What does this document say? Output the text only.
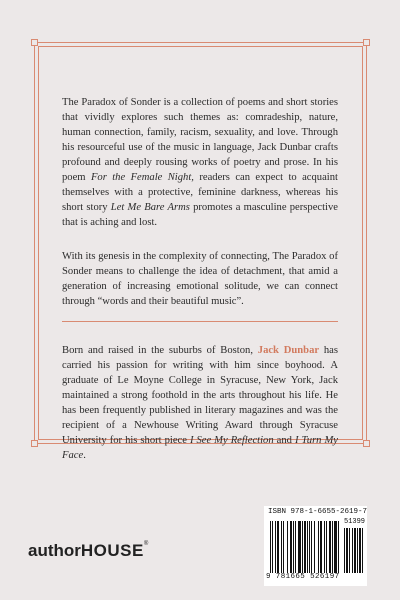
The Paradox of Sonder is a collection of poems and short stories that vividly explores such themes as: comradeship, nature, human connection, family, racism, sexuality, and love. Through his resourceful use of the music in language, Jack Dunbar crafts profound and deeply rousing works of poetry and prose. In his poem For the Female Night, readers can expect to acquaint themselves with a protective, feminine darkness, whereas his short story Let Me Bare Arms promotes a masculine perspective that is aching and lost.
With its genesis in the complexity of connecting, The Paradox of Sonder means to challenge the idea of detachment, that amid a generation of increasing emotional solitude, we can connect through “words and their beautiful music”.
Born and raised in the suburbs of Boston, Jack Dunbar has carried his passion for writing with him since boyhood. A graduate of Le Moyne College in Syracuse, New York, Jack maintained a strong foothold in the arts throughout his life. He has been frequently published in literary magazines and was the recipient of a Newhouse Writing Award through Syracuse University for his short piece I See My Reflection and I Turn My Face.
authorHOUSE®
ISBN 978-1-6655-2619-7
51399
9 781665 526197
